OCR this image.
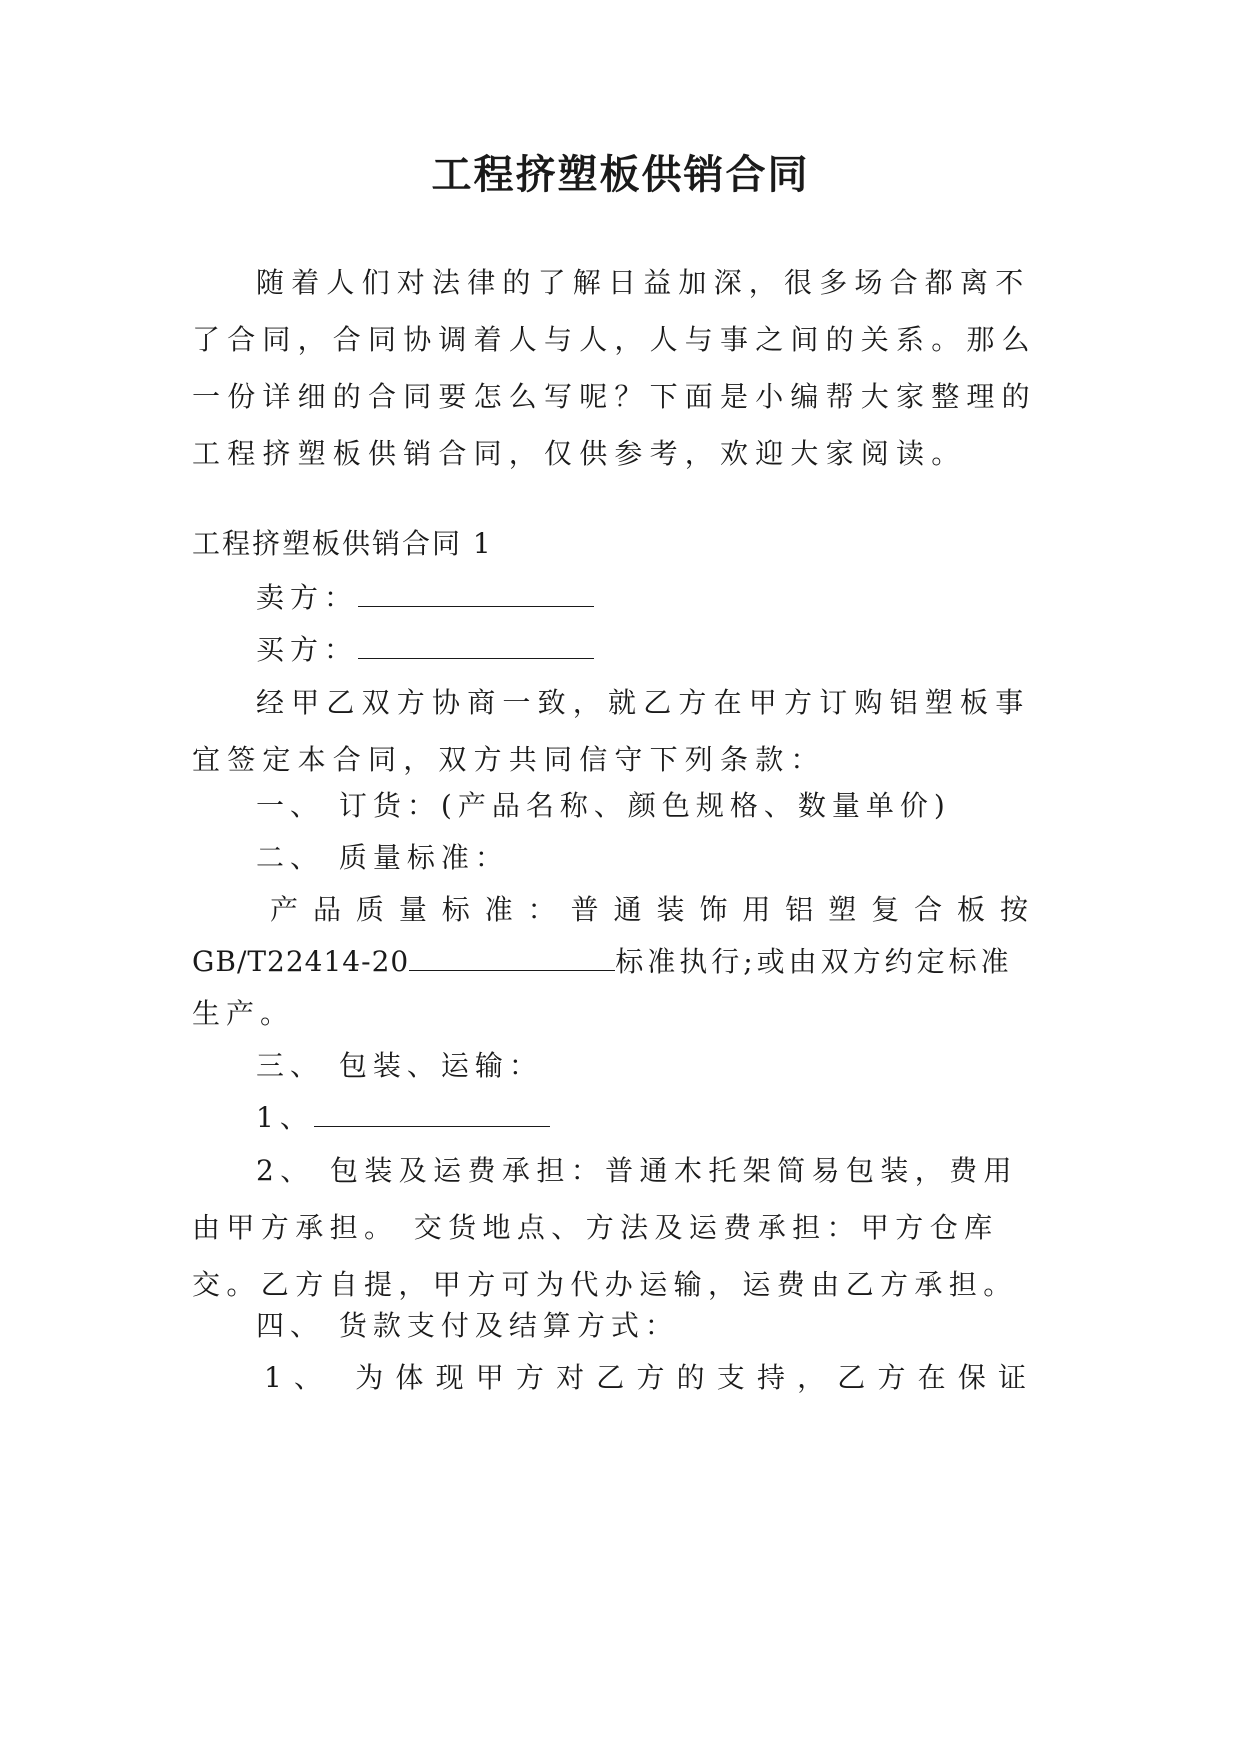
工程挤塑板供销合同
随着人们对法律的了解日益加深，很多场合都离不了合同，合同协调着人与人，人与事之间的关系。那么一份详细的合同要怎么写呢？下面是小编帮大家整理的工程挤塑板供销合同，仅供参考，欢迎大家阅读。
工程挤塑板供销合同 1
卖方：
买方：
经甲乙双方协商一致，就乙方在甲方订购铝塑板事宜签定本合同，双方共同信守下列条款：
一、 订货：(产品名称、颜色规格、数量单价)
二、 质量标准：
产品质量标准：普通装饰用铝塑复合板按
GB/T22414-20	标准执行;或由双方约定标准
生产。
三、 包装、运输：
1、
2、 包装及运费承担：普通木托架简易包装，费用由甲方承担。 交货地点、方法及运费承担：甲方仓库交。乙方自提，甲方可为代办运输，运费由乙方承担。
四、 货款支付及结算方式：
1、 为体现甲方对乙方的支持，乙方在保证
